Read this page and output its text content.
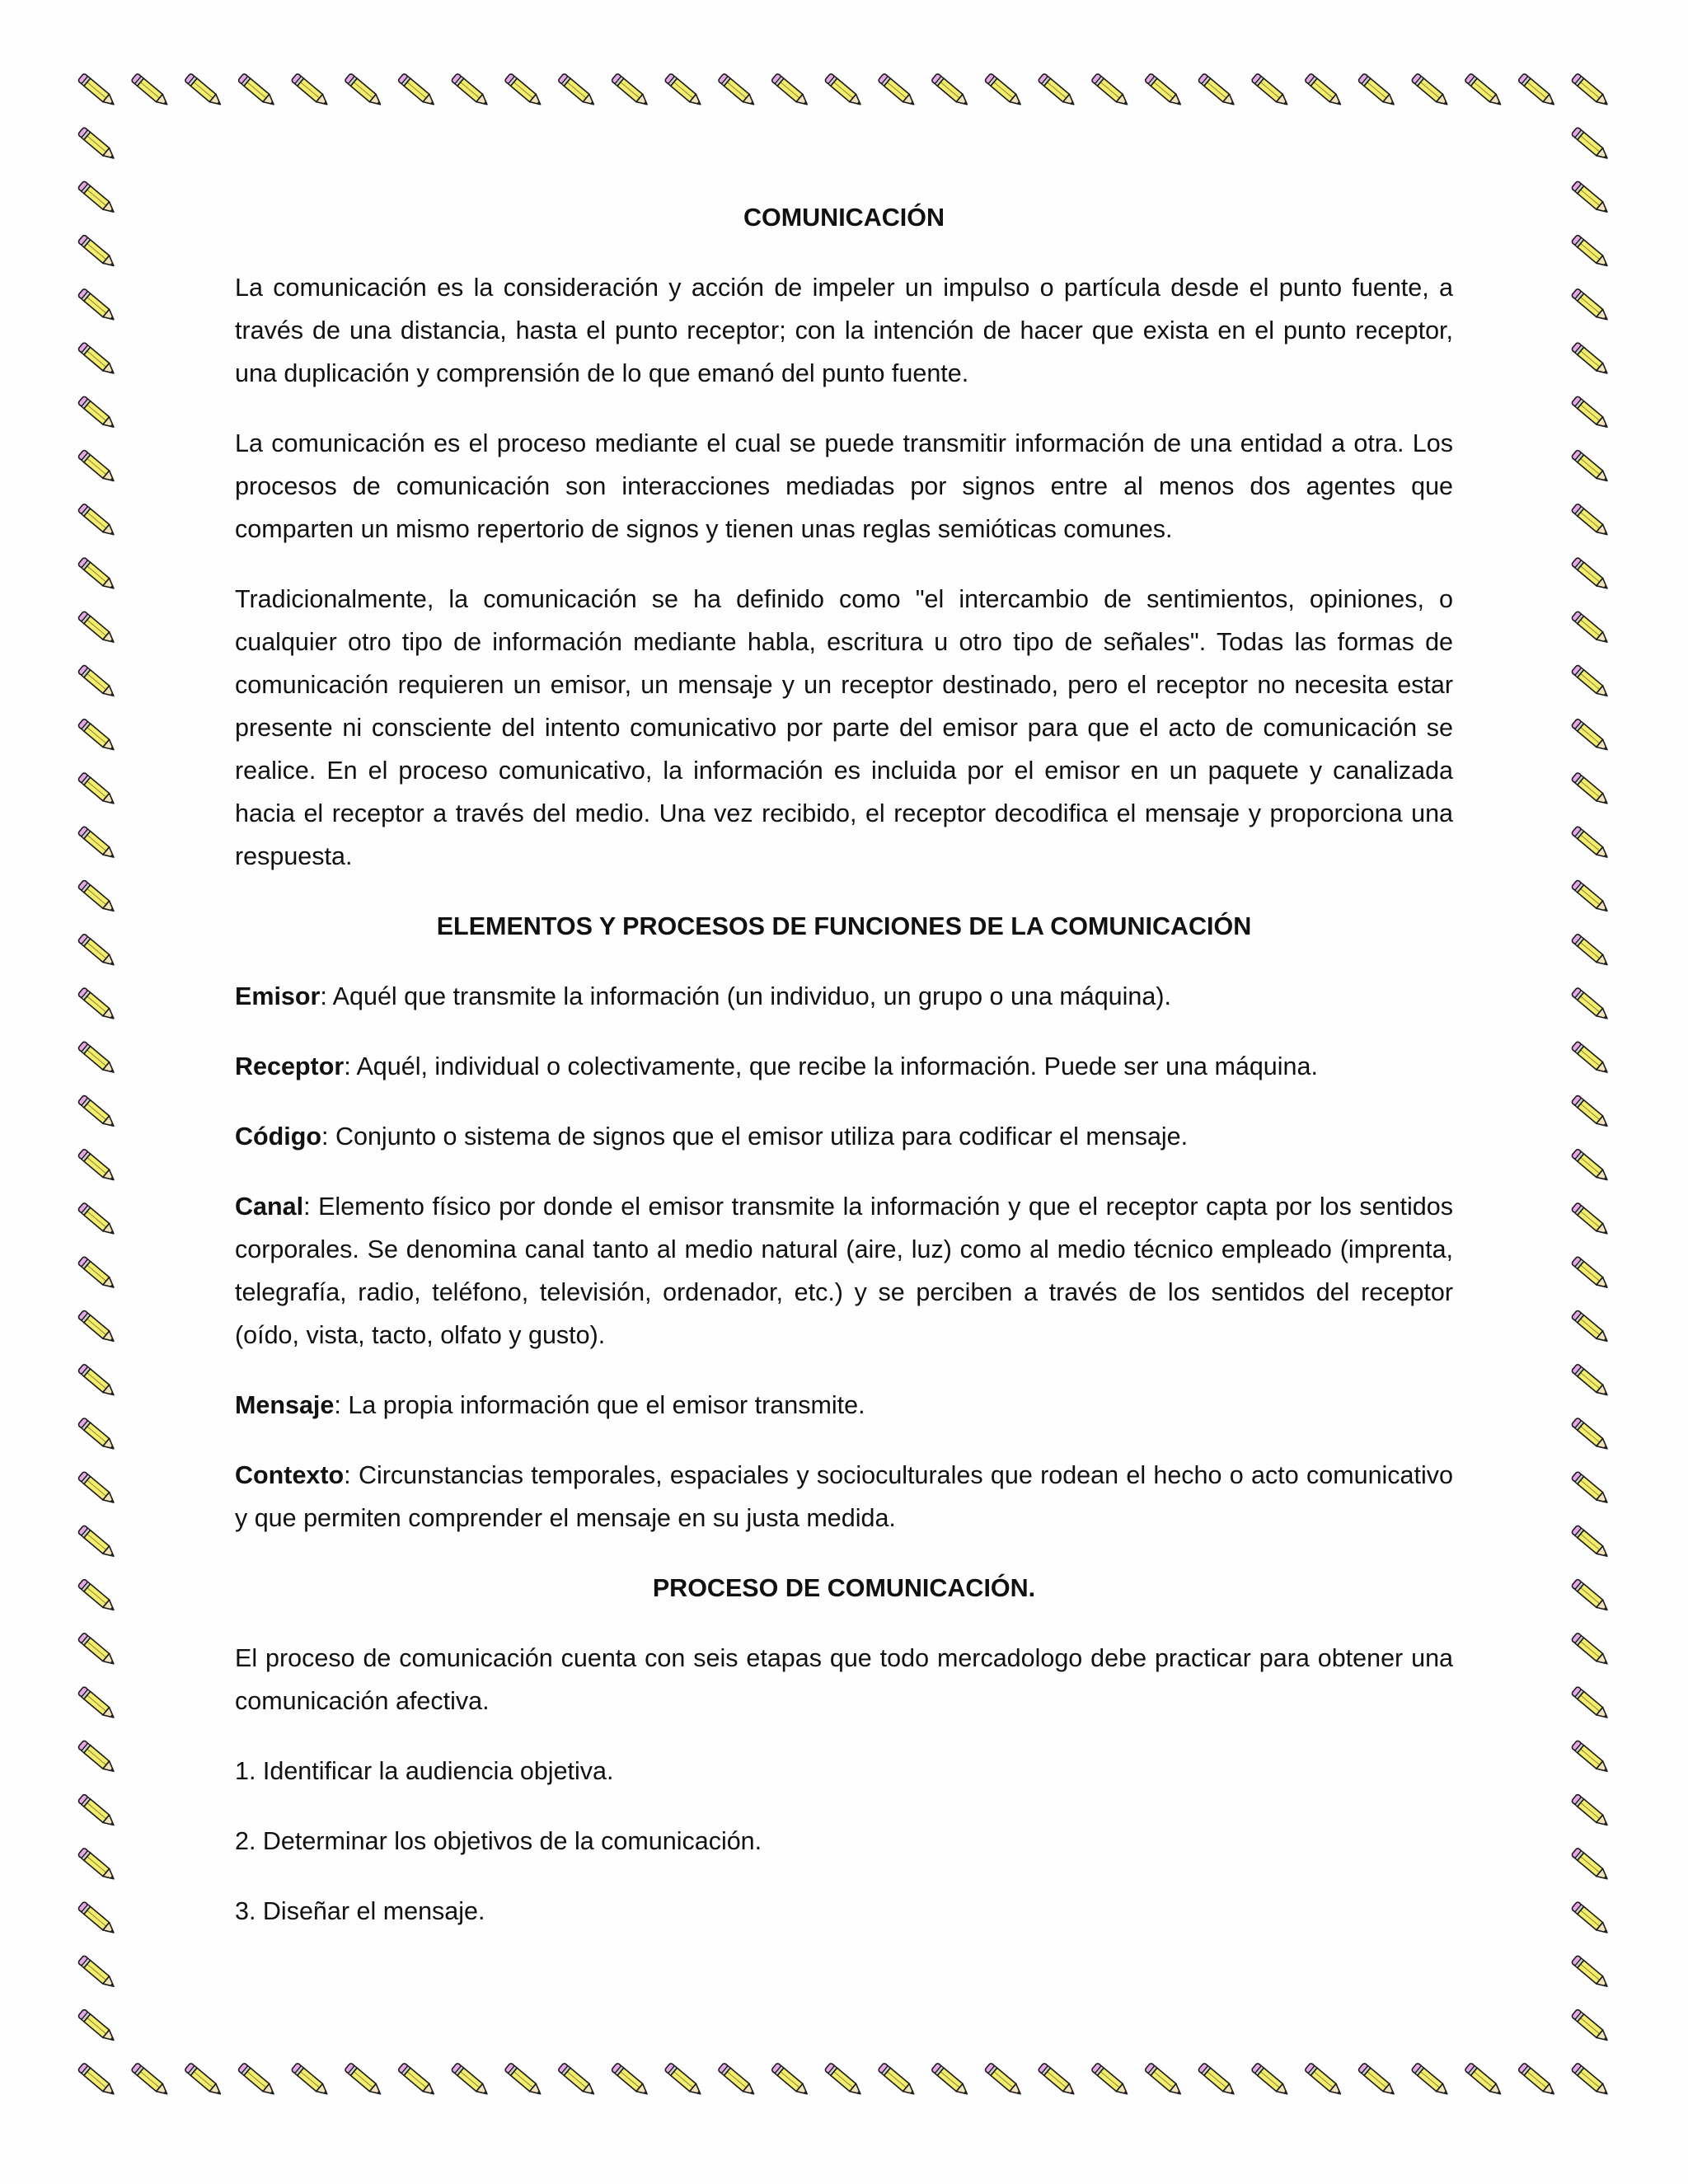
COMUNICACIÓN

La comunicación es la consideración y acción de impeler un impulso o partícula desde el punto fuente, a través de una distancia, hasta el punto receptor; con la intención de hacer que exista en el punto receptor, una duplicación y comprensión de lo que emanó del punto fuente.

La comunicación es el proceso mediante el cual se puede transmitir información de una entidad a otra. Los procesos de comunicación son interacciones mediadas por signos entre al menos dos agentes que comparten un mismo repertorio de signos y tienen unas reglas semióticas comunes.

Tradicionalmente, la comunicación se ha definido como "el intercambio de sentimientos, opiniones, o cualquier otro tipo de información mediante habla, escritura u otro tipo de señales". Todas las formas de comunicación requieren un emisor, un mensaje y un receptor destinado, pero el receptor no necesita estar presente ni consciente del intento comunicativo por parte del emisor para que el acto de comunicación se realice. En el proceso comunicativo, la información es incluida por el emisor en un paquete y canalizada hacia el receptor a través del medio. Una vez recibido, el receptor decodifica el mensaje y proporciona una respuesta.

ELEMENTOS Y PROCESOS DE FUNCIONES DE LA COMUNICACIÓN

Emisor: Aquél que transmite la información (un individuo, un grupo o una máquina).

Receptor: Aquél, individual o colectivamente, que recibe la información. Puede ser una máquina.

Código: Conjunto o sistema de signos que el emisor utiliza para codificar el mensaje.

Canal: Elemento físico por donde el emisor transmite la información y que el receptor capta por los sentidos corporales. Se denomina canal tanto al medio natural (aire, luz) como al medio técnico empleado (imprenta, telegrafía, radio, teléfono, televisión, ordenador, etc.) y se perciben a través de los sentidos del receptor (oído, vista, tacto, olfato y gusto).

Mensaje: La propia información que el emisor transmite.

Contexto: Circunstancias temporales, espaciales y socioculturales que rodean el hecho o acto comunicativo y que permiten comprender el mensaje en su justa medida.

PROCESO DE COMUNICACIÓN.

El proceso de comunicación cuenta con seis etapas que todo mercadologo debe practicar para obtener una comunicación afectiva.

1. Identificar la audiencia objetiva.

2. Determinar los objetivos de la comunicación.

3. Diseñar el mensaje.
